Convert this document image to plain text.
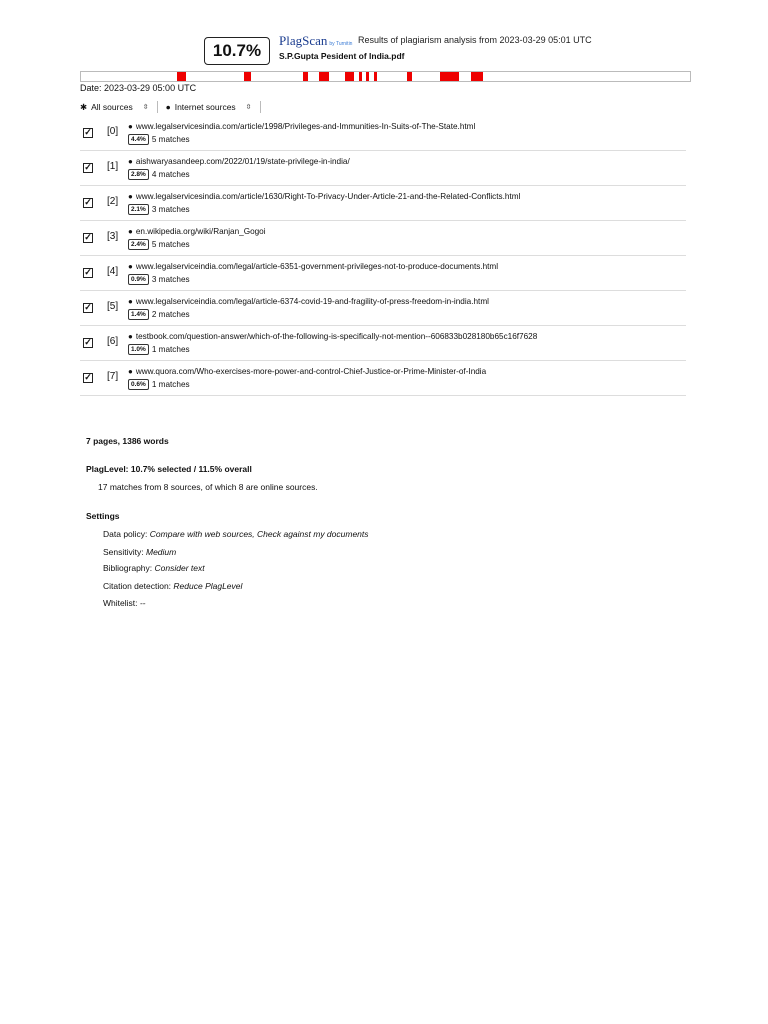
10.7%
PlagScan by Turnitin Results of plagiarism analysis from 2023-03-29 05:01 UTC
S.P.Gupta Pesident of India.pdf
Date: 2023-03-29 05:00 UTC
✱ All sources ⇳ ● Internet sources ⇳
✓ [0] ● www.legalservicesindia.com/article/1998/Privileges-and-Immunities-In-Suits-of-The-State.html
4.4% 5 matches
✓ [1] ● aishwaryasandeep.com/2022/01/19/state-privilege-in-india/
2.8% 4 matches
✓ [2] ● www.legalservicesindia.com/article/1630/Right-To-Privacy-Under-Article-21-and-the-Related-Conflicts.html
2.1% 3 matches
✓ [3] ● en.wikipedia.org/wiki/Ranjan_Gogoi
2.4% 5 matches
✓ [4] ● www.legalserviceindia.com/legal/article-6351-government-privileges-not-to-produce-documents.html
0.9% 3 matches
✓ [5] ● www.legalserviceindia.com/legal/article-6374-covid-19-and-fragility-of-press-freedom-in-india.html
1.4% 2 matches
✓ [6] ● testbook.com/question-answer/which-of-the-following-is-specifically-not-mention--606833b028180b65c16f7628
1.0% 1 matches
✓ [7] ● www.quora.com/Who-exercises-more-power-and-control-Chief-Justice-or-Prime-Minister-of-India
0.6% 1 matches
7 pages, 1386 words
PlagLevel: 10.7% selected / 11.5% overall
17 matches from 8 sources, of which 8 are online sources.
Settings
Data policy: Compare with web sources, Check against my documents
Sensitivity: Medium
Bibliography: Consider text
Citation detection: Reduce PlagLevel
Whitelist: --
